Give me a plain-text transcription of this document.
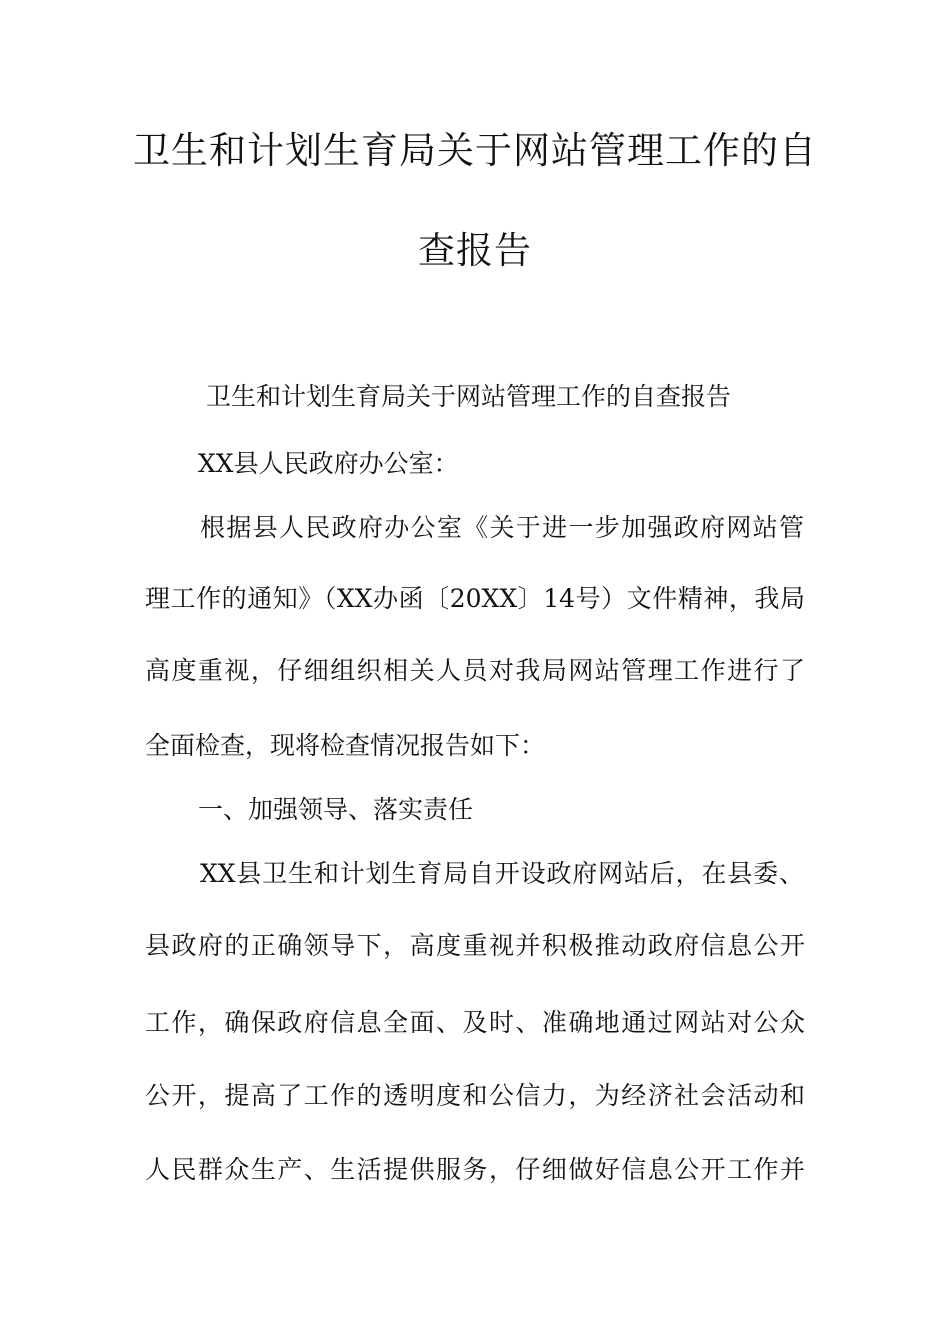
卫生和计划生育局关于网站管理工作的自
查报告
卫生和计划生育局关于网站管理工作的自查报告
XX县人民政府办公室：
根据县人民政府办公室《关于进一步加强政府网站管
理工作的通知》（XX办函〔20XX〕14号）文件精神，我局
高度重视，仔细组织相关人员对我局网站管理工作进行了
全面检查，现将检查情况报告如下：
一、加强领导、落实责任
XX县卫生和计划生育局自开设政府网站后，在县委、
县政府的正确领导下，高度重视并积极推动政府信息公开
工作，确保政府信息全面、及时、准确地通过网站对公众
公开，提高了工作的透明度和公信力，为经济社会活动和
人民群众生产、生活提供服务，仔细做好信息公开工作并
